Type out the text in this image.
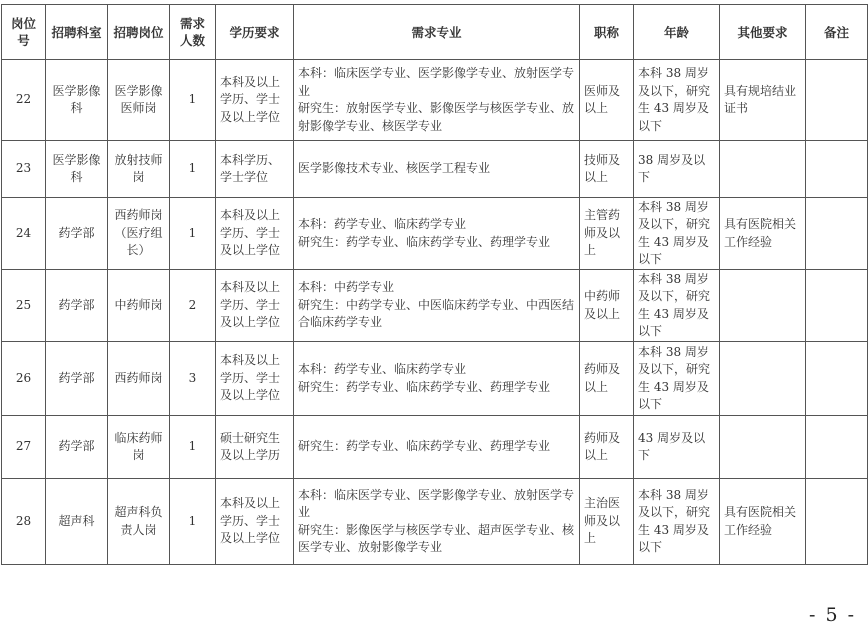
岗位号	招聘科室	招聘岗位	需求人数	学历要求	需求专业	职称	年龄	其他要求	备注
22	医学影像科	医学影像医师岗	1	本科及以上学历、学士及以上学位	本科：临床医学专业、医学影像学专业、放射医学专业
研究生：放射医学专业、影像医学与核医学专业、放射影像学专业、核医学专业	医师及以上	本科 38 周岁及以下，研究生 43 周岁及以下	具有规培结业证书	
23	医学影像科	放射技师岗	1	本科学历、学士学位	医学影像技术专业、核医学工程专业	技师及以上	38 周岁及以下		
24	药学部	西药师岗（医疗组长）	1	本科及以上学历、学士及以上学位	本科：药学专业、临床药学专业
研究生：药学专业、临床药学专业、药理学专业	主管药师及以上	本科 38 周岁及以下，研究生 43 周岁及以下	具有医院相关工作经验	
25	药学部	中药师岗	2	本科及以上学历、学士及以上学位	本科：中药学专业
研究生：中药学专业、中医临床药学专业、中西医结合临床药学专业	中药师及以上	本科 38 周岁及以下，研究生 43 周岁及以下		
26	药学部	西药师岗	3	本科及以上学历、学士及以上学位	本科：药学专业、临床药学专业
研究生：药学专业、临床药学专业、药理学专业	药师及以上	本科 38 周岁及以下，研究生 43 周岁及以下		
27	药学部	临床药师岗	1	硕士研究生及以上学历	研究生：药学专业、临床药学专业、药理学专业	药师及以上	43 周岁及以下		
28	超声科	超声科负责人岗	1	本科及以上学历、学士及以上学位	本科：临床医学专业、医学影像学专业、放射医学专业
研究生：影像医学与核医学专业、超声医学专业、核医学专业、放射影像学专业	主治医师及以上	本科 38 周岁及以下，研究生 43 周岁及以下	具有医院相关工作经验	
- 5 -
